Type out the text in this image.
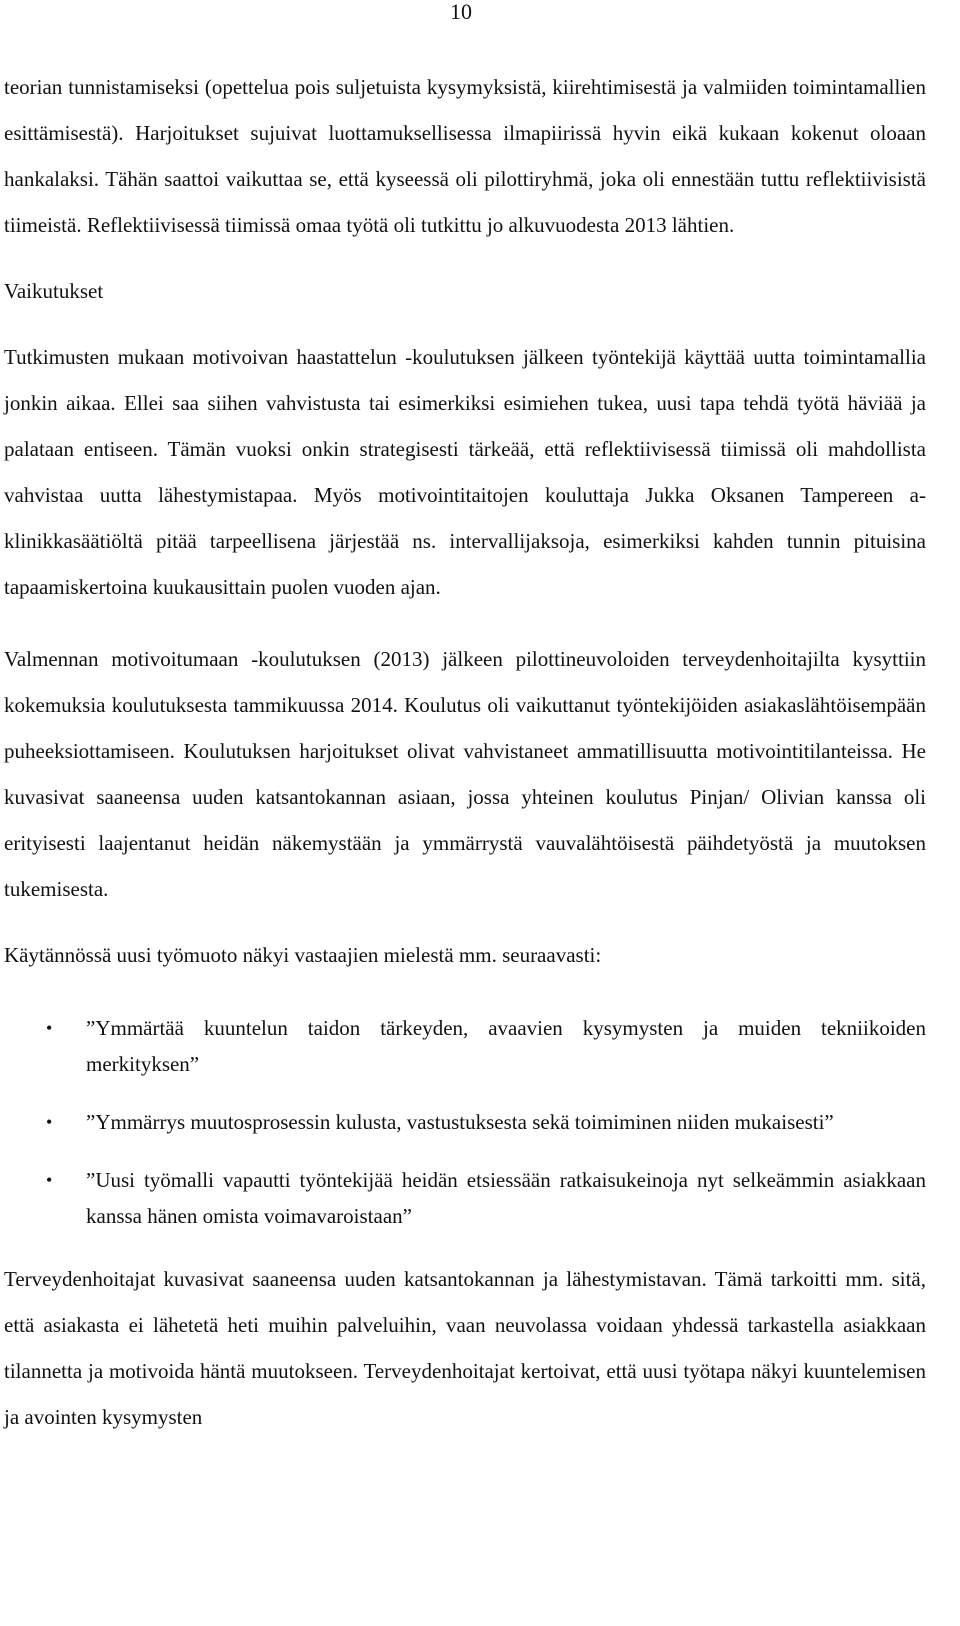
10

teorian tunnistamiseksi (opettelua pois suljetuista kysymyksistä, kiirehtimisestä ja valmiiden toimintamallien esittämisestä). Harjoitukset sujuivat luottamuksellisessa ilmapiirissä hyvin eikä kukaan kokenut oloaan hankalaksi. Tähän saattoi vaikuttaa se, että kyseessä oli pilottiryhmä, joka oli ennestään tuttu reflektiivisistä tiimeistä. Reflektiivisessä tiimissä omaa työtä oli tutkittu jo alkuvuodesta 2013 lähtien.

Vaikutukset

Tutkimusten mukaan motivoivan haastattelun -koulutuksen jälkeen työntekijä käyttää uutta toimintamallia jonkin aikaa. Ellei saa siihen vahvistusta tai esimerkiksi esimiehen tukea, uusi tapa tehdä työtä häviää ja palataan entiseen. Tämän vuoksi onkin strategisesti tärkeää, että reflektiivisessä tiimissä oli mahdollista vahvistaa uutta lähestymistapaa. Myös motivointitaitojen kouluttaja Jukka Oksanen Tampereen a-klinikkasäätiöltä pitää tarpeellisena järjestää ns. intervallijaksoja, esimerkiksi kahden tunnin pituisina tapaamiskertoina kuukausittain puolen vuoden ajan.

Valmennan motivoitumaan -koulutuksen (2013) jälkeen pilottineuvoloiden terveydenhoitajilta kysyttiin kokemuksia koulutuksesta tammikuussa 2014. Koulutus oli vaikuttanut työntekijöiden asiakaslähtöisempään puheeksiottamiseen. Koulutuksen harjoitukset olivat vahvistaneet ammatillisuutta motivointitilanteissa. He kuvasivat saaneensa uuden katsantokannan asiaan, jossa yhteinen koulutus Pinjan/ Olivian kanssa oli erityisesti laajentanut heidän näkemystään ja ymmärrystä vauvalähtöisestä päihdetyöstä ja muutoksen tukemisesta.

Käytännössä uusi työmuoto näkyi vastaajien mielestä mm. seuraavasti:

• ”Ymmärtää kuuntelun taidon tärkeyden, avaavien kysymysten ja muiden tekniikoiden merkityksen”
• ”Ymmärrys muutosprosessin kulusta, vastustuksesta sekä toimiminen niiden mukaisesti”
• ”Uusi työmalli vapautti työntekijää heidän etsiessään ratkaisukeinoja nyt selkeämmin asiakkaan kanssa hänen omista voimavaroistaan”

Terveydenhoitajat kuvasivat saaneensa uuden katsantokannan ja lähestymistavan. Tämä tarkoitti mm. sitä, että asiakasta ei lähetetä heti muihin palveluihin, vaan neuvolassa voidaan yhdessä tarkastella asiakkaan tilannetta ja motivoida häntä muutokseen. Terveydenhoitajat kertoivat, että uusi työtapa näkyi kuuntelemisen ja avointen kysymysten
